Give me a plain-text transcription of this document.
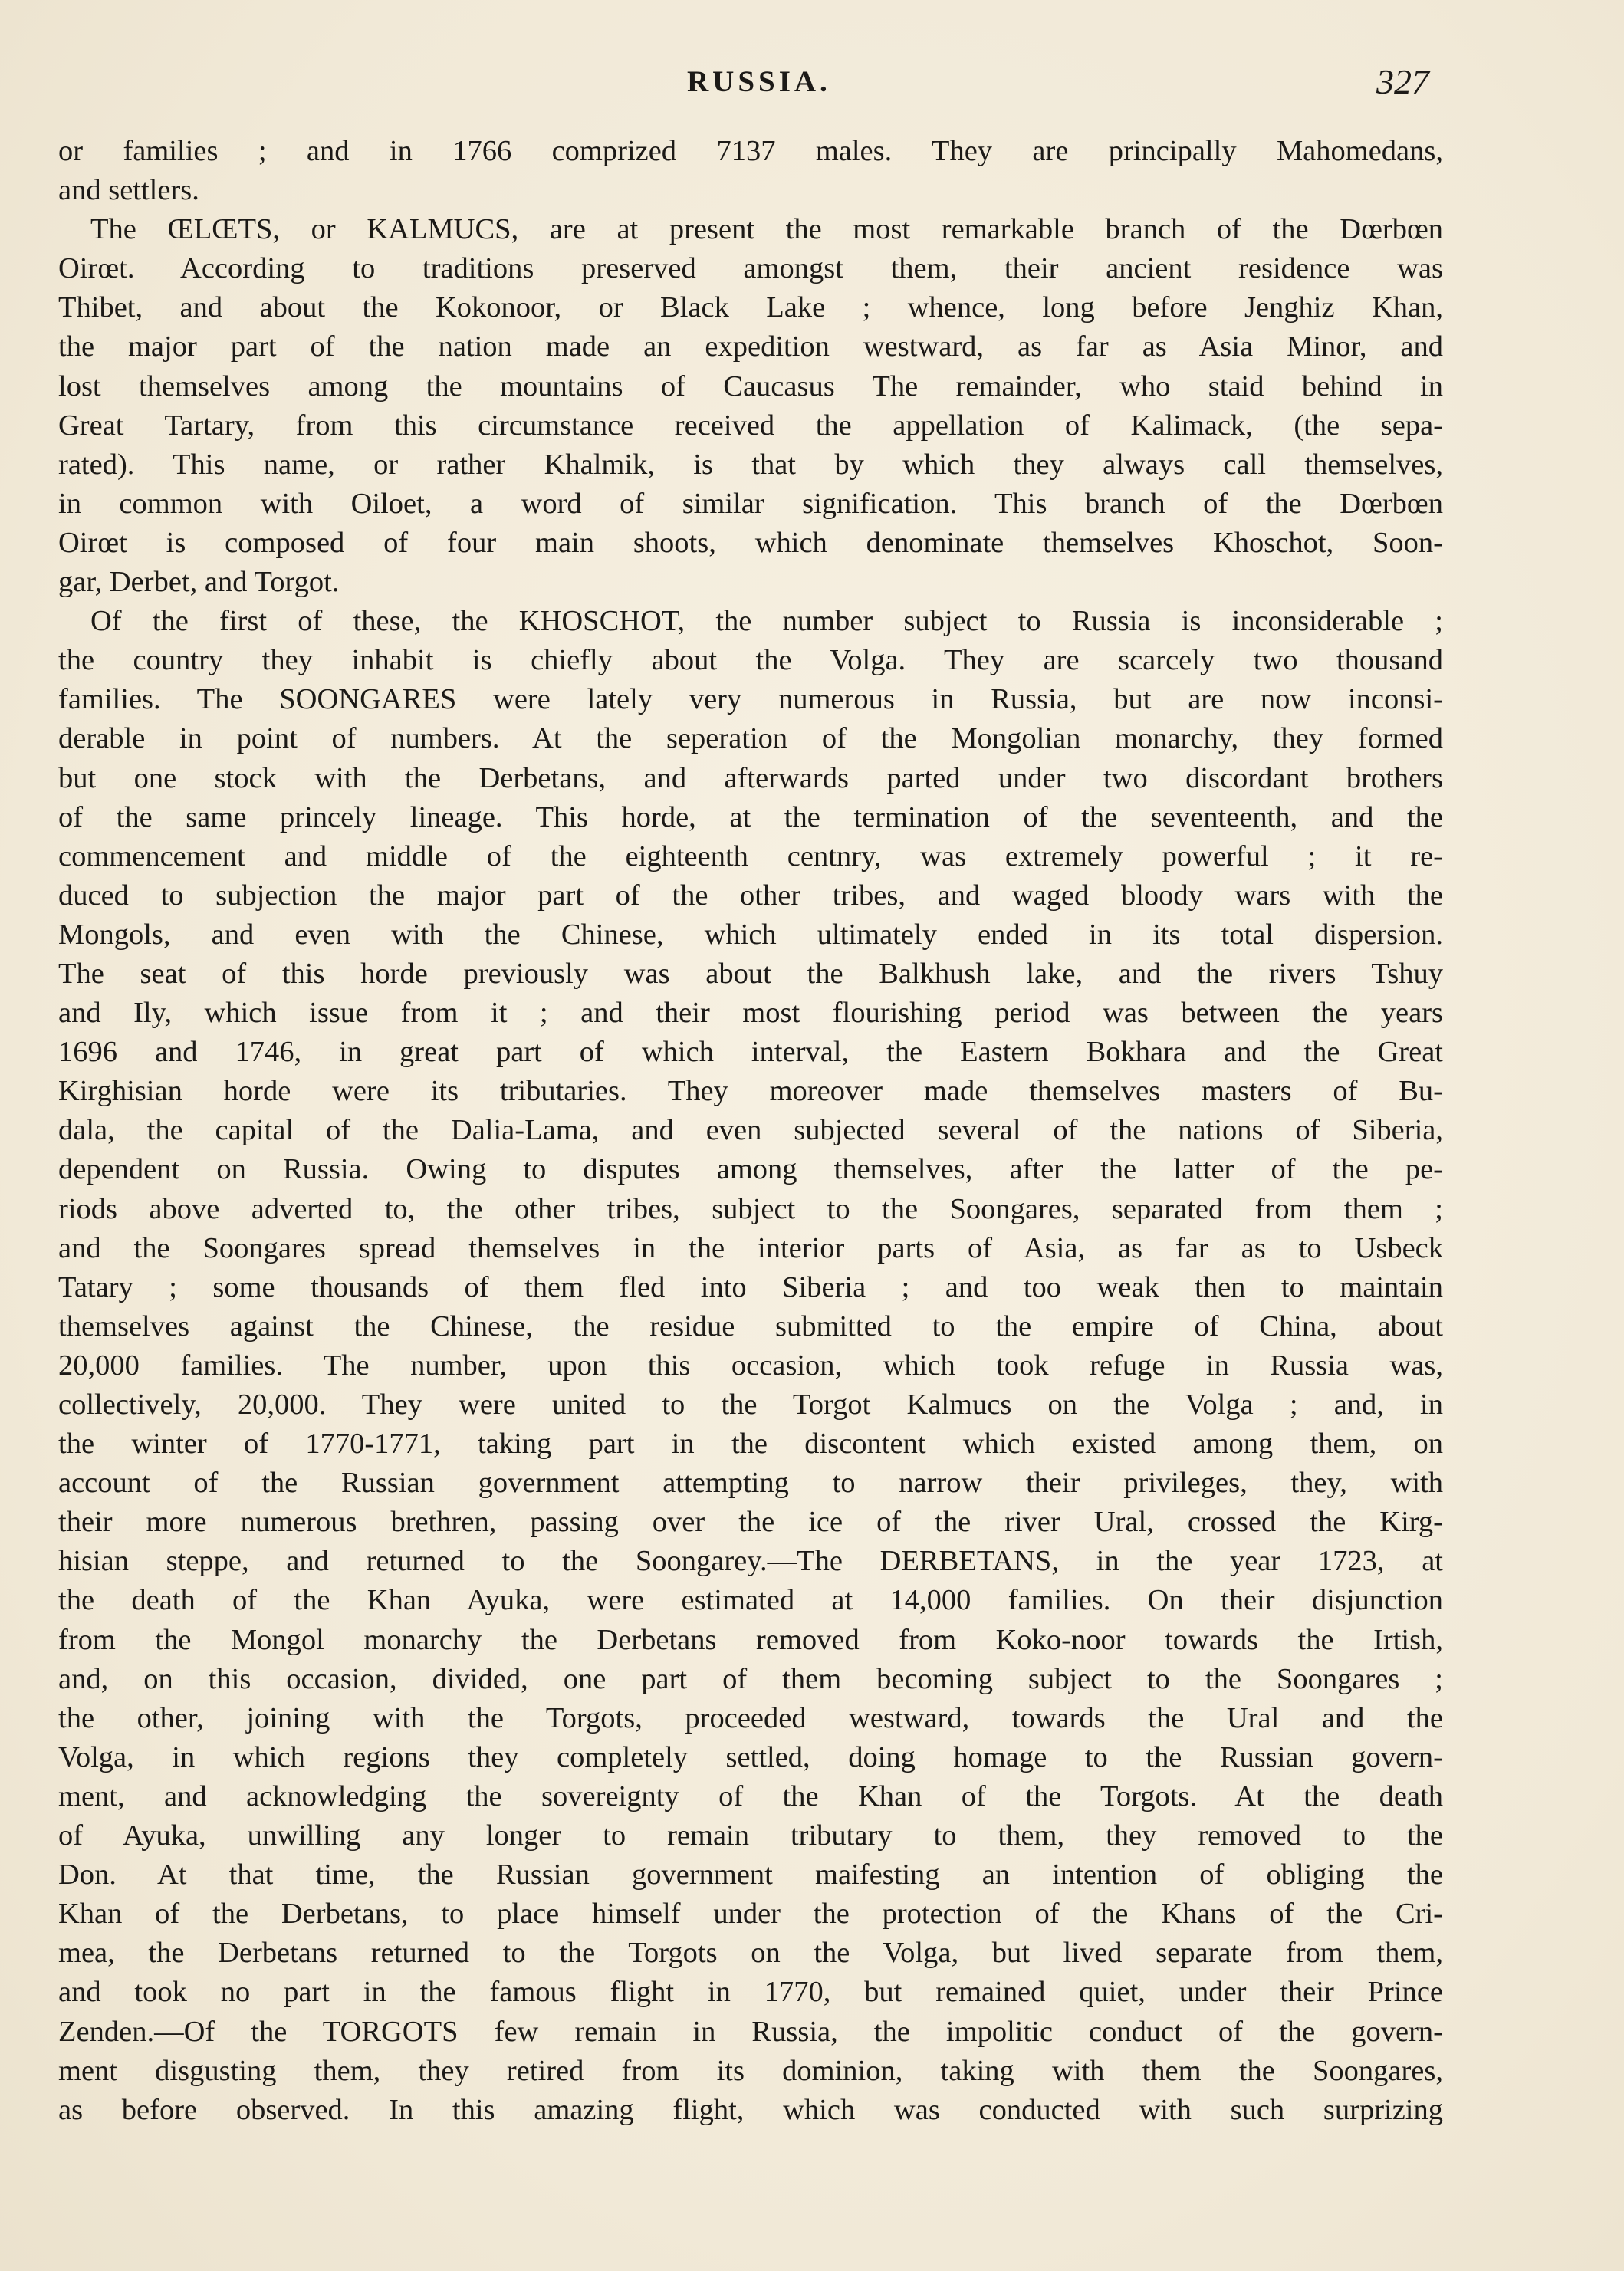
RUSSIA.	327
or families ; and in 1766 comprized 7137 males. They are principally Mahomedans,
and settlers.
The ŒLŒTS, or KALMUCS, are at present the most remarkable branch of the Dœrbœn
Oirœt. According to traditions preserved amongst them, their ancient residence was
Thibet, and about the Kokonoor, or Black Lake ; whence, long before Jenghiz Khan,
the major part of the nation made an expedition westward, as far as Asia Minor, and
lost themselves among the mountains of Caucasus The remainder, who staid behind in
Great Tartary, from this circumstance received the appellation of Kalimack, (the sepa-
rated). This name, or rather Khalmik, is that by which they always call themselves,
in common with Oiloet, a word of similar signification. This branch of the Dœrbœn
Oirœt is composed of four main shoots, which denominate themselves Khoschot, Soon-
gar, Derbet, and Torgot.
Of the first of these, the KHOSCHOT, the number subject to Russia is inconsiderable ;
the country they inhabit is chiefly about the Volga. They are scarcely two thousand
families. The SOONGARES were lately very numerous in Russia, but are now inconsi-
derable in point of numbers. At the seperation of the Mongolian monarchy, they formed
but one stock with the Derbetans, and afterwards parted under two discordant brothers
of the same princely lineage. This horde, at the termination of the seventeenth, and the
commencement and middle of the eighteenth centnry, was extremely powerful ; it re-
duced to subjection the major part of the other tribes, and waged bloody wars with the
Mongols, and even with the Chinese, which ultimately ended in its total dispersion.
The seat of this horde previously was about the Balkhush lake, and the rivers Tshuy
and Ily, which issue from it ; and their most flourishing period was between the years
1696 and 1746, in great part of which interval, the Eastern Bokhara and the Great
Kirghisian horde were its tributaries. They moreover made themselves masters of Bu-
dala, the capital of the Dalia-Lama, and even subjected several of the nations of Siberia,
dependent on Russia. Owing to disputes among themselves, after the latter of the pe-
riods above adverted to, the other tribes, subject to the Soongares, separated from them ;
and the Soongares spread themselves in the interior parts of Asia, as far as to Usbeck
Tatary ; some thousands of them fled into Siberia ; and too weak then to maintain
themselves against the Chinese, the residue submitted to the empire of China, about
20,000 families. The number, upon this occasion, which took refuge in Russia was,
collectively, 20,000. They were united to the Torgot Kalmucs on the Volga ; and, in
the winter of 1770-1771, taking part in the discontent which existed among them, on
account of the Russian government attempting to narrow their privileges, they, with
their more numerous brethren, passing over the ice of the river Ural, crossed the Kirg-
hisian steppe, and returned to the Soongarey.—The DERBETANS, in the year 1723, at
the death of the Khan Ayuka, were estimated at 14,000 families. On their disjunction
from the Mongol monarchy the Derbetans removed from Koko-noor towards the Irtish,
and, on this occasion, divided, one part of them becoming subject to the Soongares ;
the other, joining with the Torgots, proceeded westward, towards the Ural and the
Volga, in which regions they completely settled, doing homage to the Russian govern-
ment, and acknowledging the sovereignty of the Khan of the Torgots. At the death
of Ayuka, unwilling any longer to remain tributary to them, they removed to the
Don. At that time, the Russian government maifesting an intention of obliging the
Khan of the Derbetans, to place himself under the protection of the Khans of the Cri-
mea, the Derbetans returned to the Torgots on the Volga, but lived separate from them,
and took no part in the famous flight in 1770, but remained quiet, under their Prince
Zenden.—Of the TORGOTS few remain in Russia, the impolitic conduct of the govern-
ment disgusting them, they retired from its dominion, taking with them the Soongares,
as before observed. In this amazing flight, which was conducted with such surprizing
